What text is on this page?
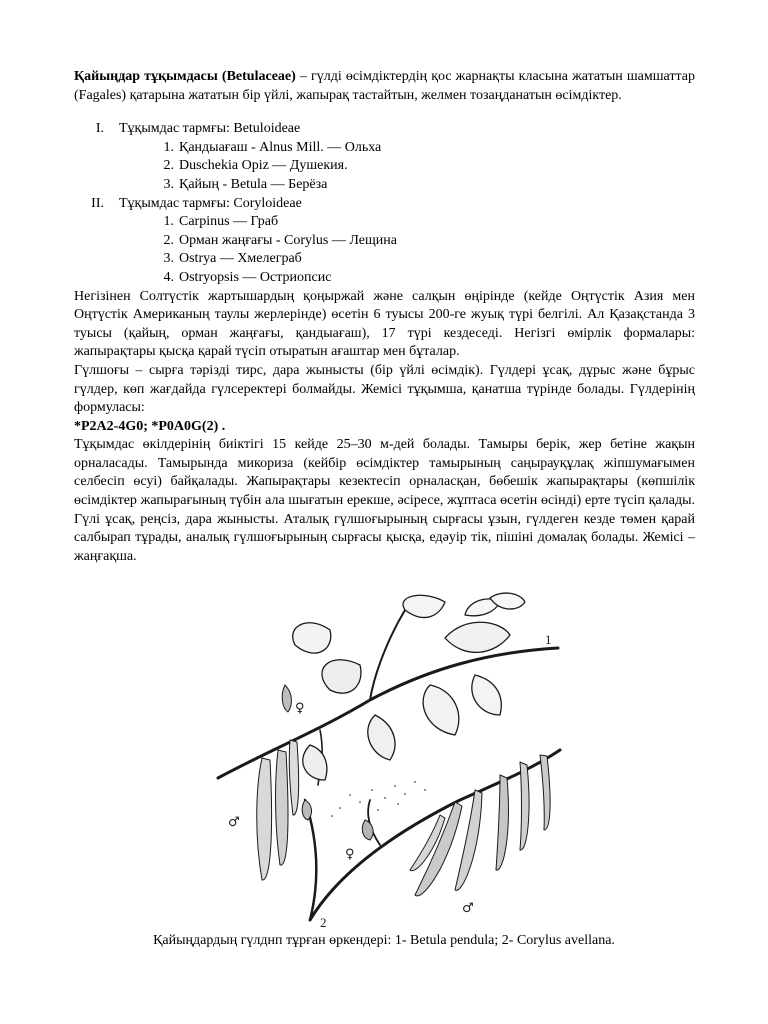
Қайыңдар тұқымдасы (Betulaceae) – гүлді өсімдіктердің қос жарнақты класына жататын шамшаттар (Fagales) қатарына жататын бір үйлі, жапырақ тастайтын, желмен тозаңданатын өсімдіктер.

I. Тұқымдас тармғы: Betuloideae
1. Қандыағаш - Alnus Mill. — Ольха
2. Duschekia Opiz — Душекия.
3. Қайың - Betula — Берёза
II. Тұқымдас тармғы: Coryloideae
1. Carpinus — Граб
2. Орман жаңғағы - Corylus — Лещина
3. Ostrya — Хмелеграб
4. Ostryopsis — Остриопсис

Негізінен Солтүстік жартышардың қоңыржай және салқын өңірінде (кейде Оңтүстік Азия мен Оңтүстік Американың таулы жерлерінде) өсетін 6 туысы 200-ге жуық түрі белгілі. Ал Қазақстанда 3 туысы (қайың, орман жаңғағы, қандыағаш), 17 түрі кездеседі. Негізгі өмірлік формалары: жапырақтары қысқа қарай түсіп отыратын ағаштар мен бұталар.

Гүлшоғы – сырға тәрізді тирс, дара жынысты (бір үйлі өсімдік). Гүлдері ұсақ, дұрыс және бұрыс гүлдер, көп жағдайда гүлсеректері болмайды. Жемісі тұқымша, қанатша түрінде болады. Гүлдерінің формуласы:

*P2A2-4G0; *P0A0G(2) .

Тұқымдас өкілдерінің биіктігі 15 кейде 25–30 м-дей болады. Тамыры берік, жер бетіне жақын орналасады. Тамырында микориза (кейбір өсімдіктер тамырының саңырауқұлақ жіпшумағымен селбесіп өсуі) байқалады. Жапырақтары кезектесіп орналасқан, бөбешік жапырақтары (көпшілік өсімдіктер жапырағының түбін ала шығатын ерекше, әсіресе, жұптаса өсетін өсінді) ерте түсіп қалады. Гүлі ұсақ, реңсіз, дара жынысты. Аталық гүлшоғырының сырғасы ұзын, гүлдеген кезде төмен қарай салбырап тұрады, аналық гүлшоғырының сырғасы қысқа, едәуір тік, пішіні домалақ болады. Жемісі – жаңғақша.

1
2
♀
♂
♀
♂
Қайыңдардың гүлднп тұрған өркендері: 1- Betula pendula; 2- Corylus avellana.
